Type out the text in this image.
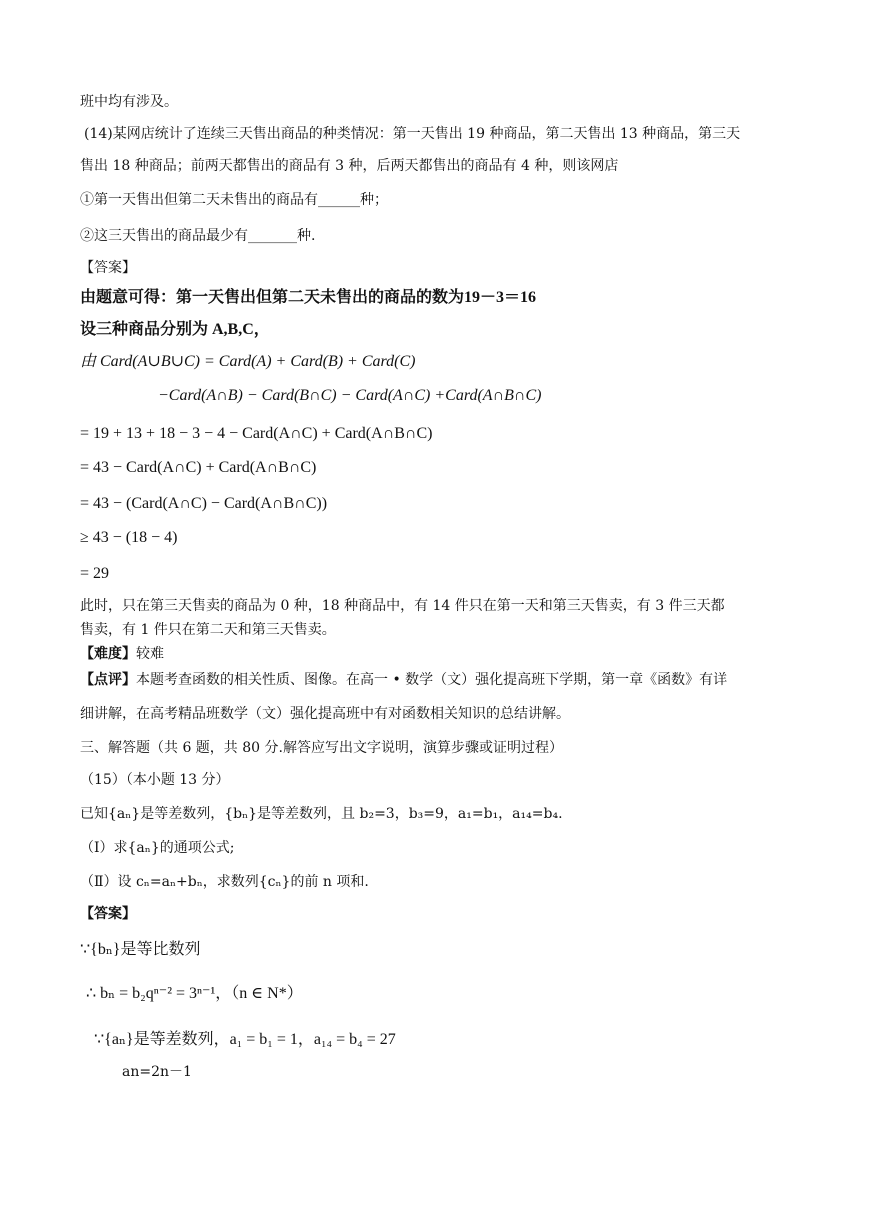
班中均有涉及。
(14)某网店统计了连续三天售出商品的种类情况：第一天售出 19 种商品，第二天售出 13 种商品，第三天
售出 18 种商品；前两天都售出的商品有 3 种，后两天都售出的商品有 4 种，则该网店
①第一天售出但第二天未售出的商品有______种；
②这三天售出的商品最少有_______种.
【答案】
由题意可得：第一天售出但第二天未售出的商品的数为19－3＝16
设三种商品分别为 A,B,C，
由 Card(A∪B∪C) = Card(A) + Card(B) + Card(C)
−Card(A∩B) − Card(B∩C) − Card(A∩C) +Card(A∩B∩C)
= 19 + 13 + 18 − 3 − 4 − Card(A∩C) + Card(A∩B∩C)
= 43 − Card(A∩C) + Card(A∩B∩C)
= 43 − (Card(A∩C) − Card(A∩B∩C))
≥ 43 − (18 − 4)
= 29
此时，只在第三天售卖的商品为 0 种，18 种商品中，有 14 件只在第一天和第三天售卖，有 3 件三天都
售卖，有 1 件只在第二天和第三天售卖。
【难度】较难
【点评】本题考查函数的相关性质、图像。在高一 • 数学（文）强化提高班下学期，第一章《函数》有详
细讲解，在高考精品班数学（文）强化提高班中有对函数相关知识的总结讲解。
三、解答题（共 6 题，共 80 分.解答应写出文字说明，演算步骤或证明过程）
（15）（本小题 13 分）
已知{aₙ}是等差数列，{bₙ}是等差数列，且 b₂=3，b₃=9，a₁=b₁，a₁₄=b₄.
（Ⅰ）求{aₙ}的通项公式;
（Ⅱ）设 cₙ=aₙ+bₙ，求数列{cₙ}的前 n 项和.
【答案】
∵{bₙ}是等比数列
∴ bₙ = b₂qⁿ⁻² = 3ⁿ⁻¹，（n ∈ N*）
∵{aₙ}是等差数列，a₁ = b₁ = 1，a₁₄ = b₄ = 27
an=2n－1
